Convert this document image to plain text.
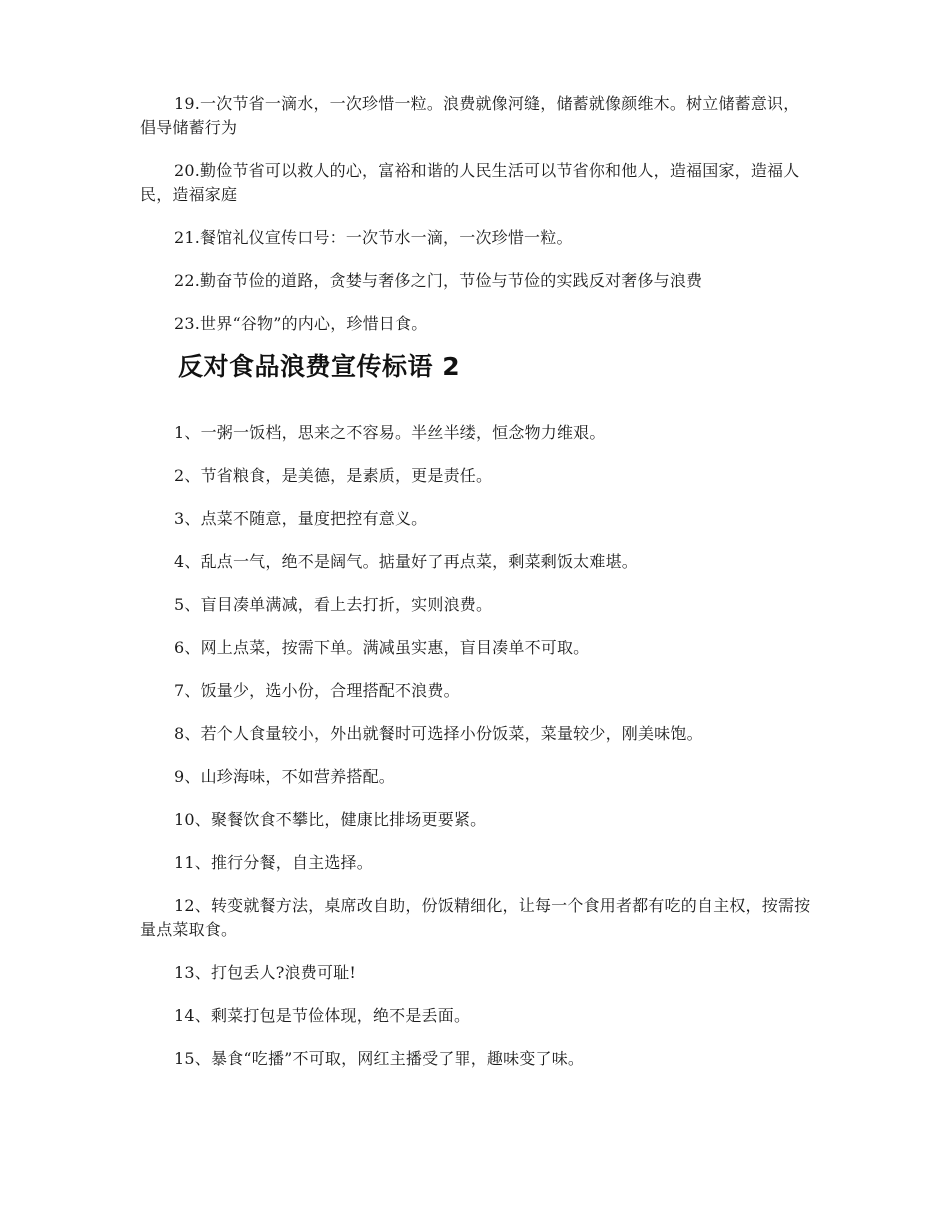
19.一次节省一滴水，一次珍惜一粒。浪费就像河缝，储蓄就像颜维木。树立储蓄意识，倡导储蓄行为

20.勤俭节省可以救人的心，富裕和谐的人民生活可以节省你和他人，造福国家，造福人民，造福家庭

21.餐馆礼仪宣传口号：一次节水一滴，一次珍惜一粒。

22.勤奋节俭的道路，贪婪与奢侈之门，节俭与节俭的实践反对奢侈与浪费

23.世界“谷物”的内心，珍惜日食。

反对食品浪费宣传标语 2

1、一粥一饭档，思来之不容易。半丝半缕，恒念物力维艰。

2、节省粮食，是美德，是素质，更是责任。

3、点菜不随意，量度把控有意义。

4、乱点一气，绝不是阔气。掂量好了再点菜，剩菜剩饭太难堪。

5、盲目凑单满减，看上去打折，实则浪费。

6、网上点菜，按需下单。满减虽实惠，盲目凑单不可取。

7、饭量少，选小份，合理搭配不浪费。

8、若个人食量较小，外出就餐时可选择小份饭菜，菜量较少，刚美味饱。

9、山珍海味，不如营养搭配。

10、聚餐饮食不攀比，健康比排场更要紧。

11、推行分餐，自主选择。

12、转变就餐方法，桌席改自助，份饭精细化，让每一个食用者都有吃的自主权，按需按量点菜取食。

13、打包丢人?浪费可耻!

14、剩菜打包是节俭体现，绝不是丢面。

15、暴食“吃播”不可取，网红主播受了罪，趣味变了味。
